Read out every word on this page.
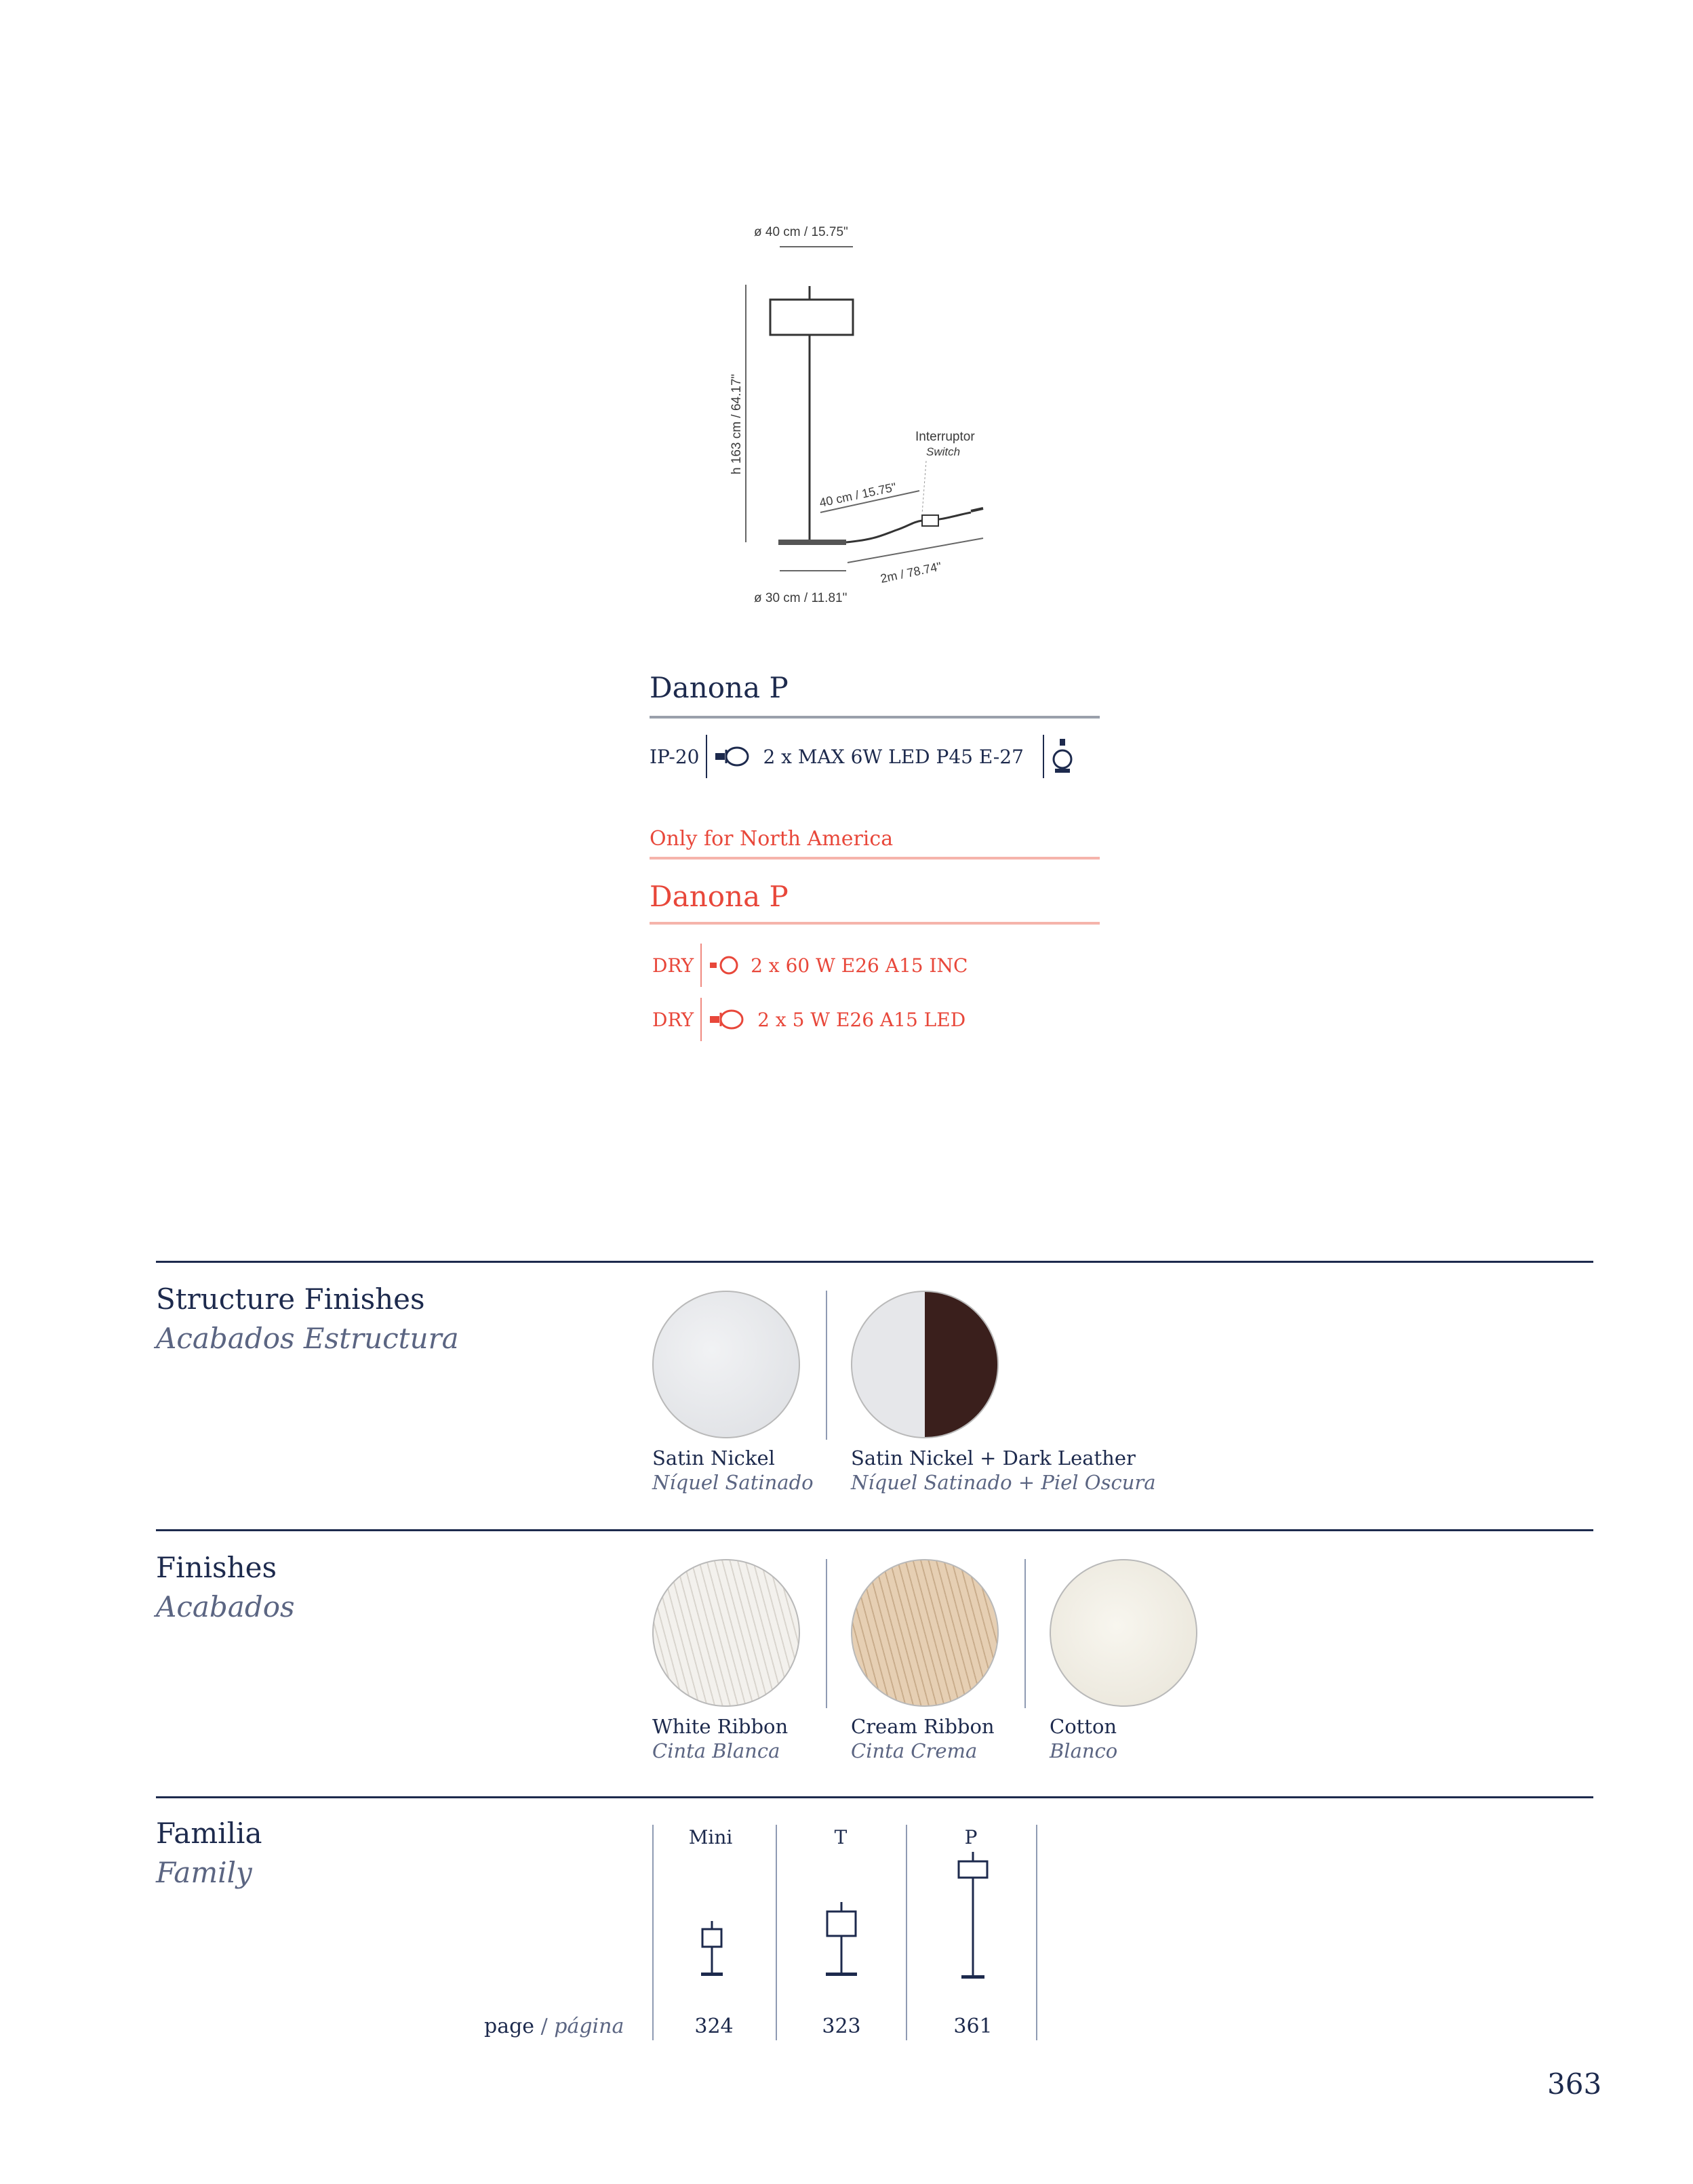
ø 40 cm / 15.75"
h 163 cm / 64.17"	Interruptor
Switch
40 cm / 15.75"
2m / 78.74"
ø 30 cm / 11.81"
Danona P
IP-20	2 x MAX 6W LED P45 E-27
Only for North America
Danona P
DRY	2 x 60 W E26 A15 INC
DRY	2 x 5 W E26 A15 LED
Structure Finishes
Acabados Estructura
Satin Nickel
Níquel Satinado
Satin Nickel + Dark Leather
Níquel Satinado + Piel Oscura
Finishes
Acabados
White Ribbon
Cinta Blanca
Cream Ribbon
Cinta Crema
Cotton
Blanco
Familia
Family
Mini	T	P
page / página	324	323	361
363
